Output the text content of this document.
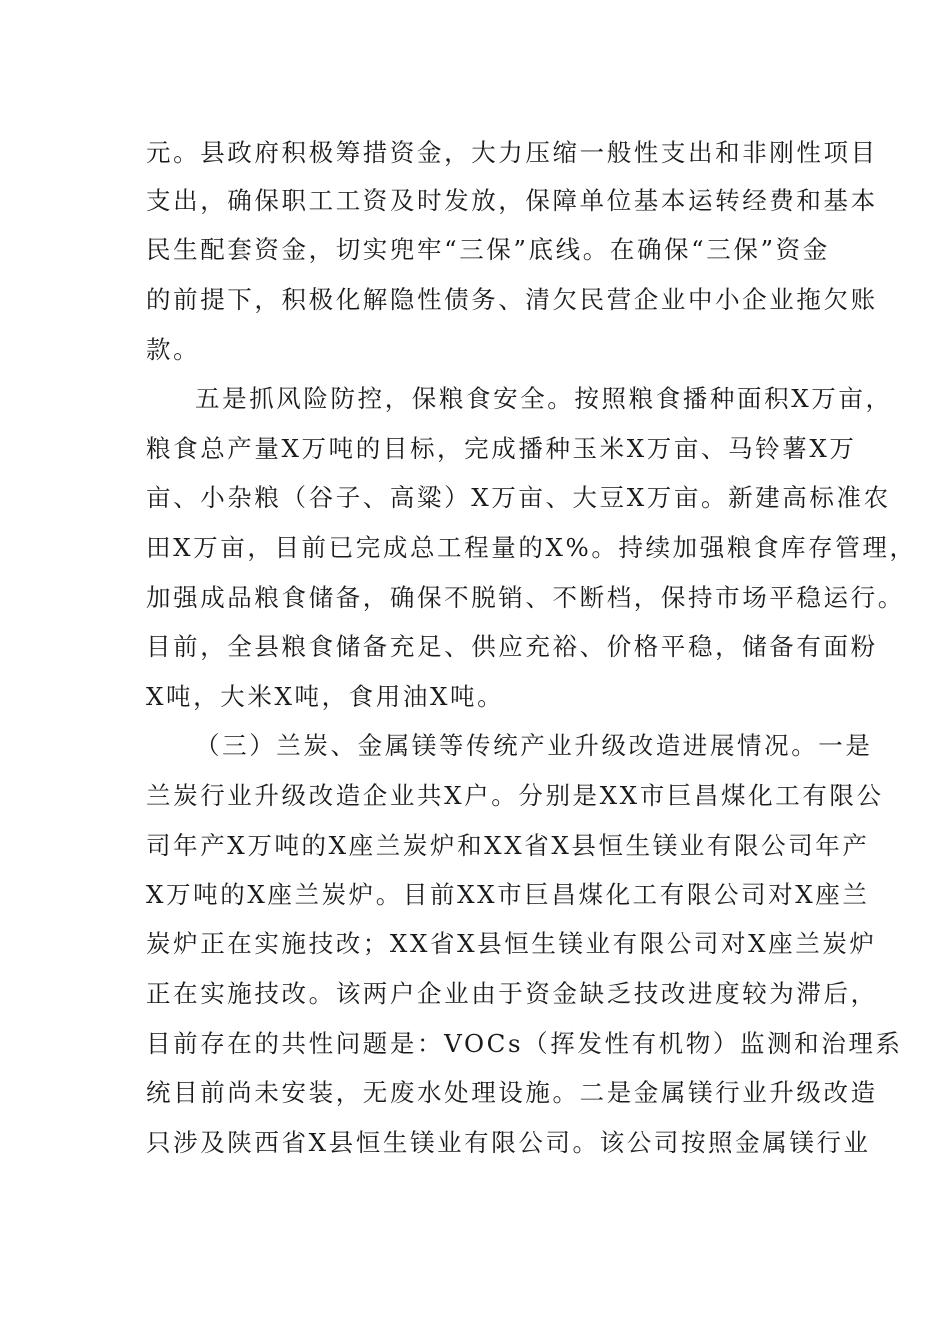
元。县政府积极筹措资金，大力压缩一般性支出和非刚性项目
支出，确保职工工资及时发放，保障单位基本运转经费和基本
民生配套资金，切实兜牢“三保”底线。在确保“三保”资金
的前提下，积极化解隐性债务、清欠民营企业中小企业拖欠账
款。
五是抓风险防控，保粮食安全。按照粮食播种面积X万亩，
粮食总产量X万吨的目标，完成播种玉米X万亩、马铃薯X万
亩、小杂粮（谷子、高粱）X万亩、大豆X万亩。新建高标准农
田X万亩，目前已完成总工程量的X%。持续加强粮食库存管理，
加强成品粮食储备，确保不脱销、不断档，保持市场平稳运行。
目前，全县粮食储备充足、供应充裕、价格平稳，储备有面粉
X吨，大米X吨，食用油X吨。
（三）兰炭、金属镁等传统产业升级改造进展情况。一是
兰炭行业升级改造企业共X户。分别是XX市巨昌煤化工有限公
司年产X万吨的X座兰炭炉和XX省X县恒生镁业有限公司年产
X万吨的X座兰炭炉。目前XX市巨昌煤化工有限公司对X座兰
炭炉正在实施技改；XX省X县恒生镁业有限公司对X座兰炭炉
正在实施技改。该两户企业由于资金缺乏技改进度较为滞后，
目前存在的共性问题是：VOCs（挥发性有机物）监测和治理系
统目前尚未安装，无废水处理设施。二是金属镁行业升级改造
只涉及陕西省X县恒生镁业有限公司。该公司按照金属镁行业
